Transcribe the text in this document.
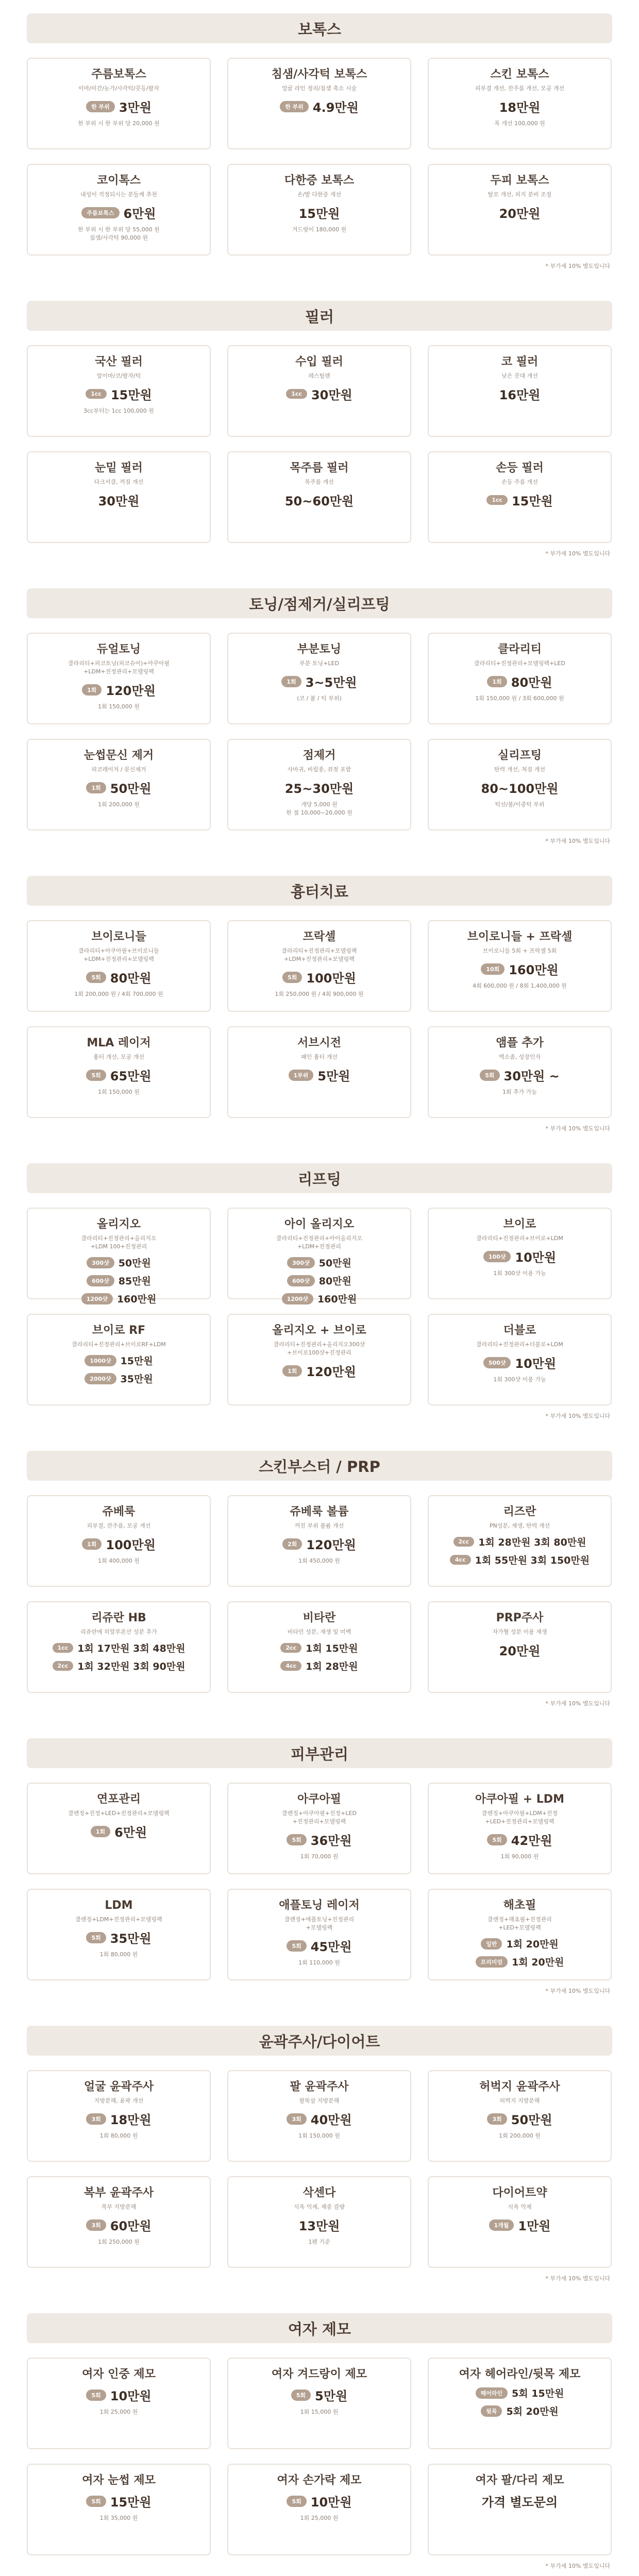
보톡스
주름보톡스
이마/미간/눈가/사각턱/콧등/팔자
한 부위 3만원
한 부위 시 한 부위 당 20,000 원
침샘/사각턱 보톡스
얼굴 라인 정리/침샘 축소 시술
한 부위 4.9만원
스킨 보톡스
피부결 개선, 잔주름 개선, 모공 개선
18만원
목 개선 100,000 원
코이톡스
내성이 걱정되시는 분들께 추천
주름보톡스 6만원
한 부위 시 한 부위 당 55,000 원
침샘/사각턱 90,000 원
다한증 보톡스
손/발 다한증 개선
15만원
겨드랑이 180,000 원
두피 보톡스
탈모 개선, 피지 분비 조절
20만원
* 부가세 10% 별도입니다
필러
국산 필러
앞이마/코/팔자/턱
1cc 15만원
3cc부터는 1cc 100,000 원
수입 필러
레스틸렌
1cc 30만원
코 필러
낮은 콧대 개선
16만원
눈밑 필러
다크서클, 꺼짐 개선
30만원
목주름 필러
목주름 개선
50~60만원
손등 필러
손등 주름 개선
1cc 15만원
* 부가세 10% 별도입니다
토닝/점제거/실리프팅
듀얼토닝
클라리티+피코토닝(피코슈어)+아쿠아필
+LDM+진정관리+모델링팩
1회 120만원
1회 150,000 원
부분토닝
부분 토닝+LED
1회 3~5만원
(코 / 볼 / 턱 부위)
클라리티
클라리티+진정관리+모델링팩+LED
1회 80만원
1회 150,000 원 / 3회 600,000 원
눈썹문신 제거
피코레이저 / 문신제거
1회 50만원
1회 200,000 원
점제거
사마귀, 비립종, 쥐젖 포함
25~30만원
개당 5,000 원
한 점 10,000~20,000 원
실리프팅
탄력 개선, 처짐 개선
80~100만원
턱선/볼/이중턱 부위
* 부가세 10% 별도입니다
흉터치료
브이로니들
클라리티+아쿠아필+브이로니들
+LDM+진정관리+모델링팩
5회 80만원
1회 200,000 원 / 4회 700,000 원
프락셀
클라리티+진정관리+모델링팩
+LDM+진정관리+모델링팩
5회 100만원
1회 250,000 원 / 4회 900,000 원
브이로니들 + 프락셀
브이로니들 5회 + 프락셀 5회
10회 160만원
4회 600,000 원 / 8회 1,400,000 원
MLA 레이저
흉터 개선, 모공 개선
5회 65만원
1회 150,000 원
서브시전
패인 흉터 개선
1부위 5만원
앰플 추가
엑소좀, 성장인자
5회 30만원 ~
1회 추가 가능
* 부가세 10% 별도입니다
리프팅
올리지오
클라리티+진정관리+올리지오
+LDM 100+진정관리
300샷 50만원
600샷 85만원
1200샷 160만원
아이 올리지오
클라리티+진정관리+아이올리지오
+LDM+진정관리
300샷 50만원
600샷 80만원
1200샷 160만원
브이로
클라리티+진정관리+브이로+LDM
100샷 10만원
1회 300샷 이용 가능
브이로 RF
클라리티+진정관리+브이로RF+LDM
1000샷 15만원
2000샷 35만원
올리지오 + 브이로
클라리티+진정관리+올리지오300샷
+브이로100샷+진정관리
1회 120만원
더블로
클라리티+진정관리+더블로+LDM
500샷 10만원
1회 300샷 이용 가능
* 부가세 10% 별도입니다
스킨부스터 / PRP
쥬베룩
피부결, 잔주름, 모공 개선
1회 100만원
1회 400,000 원
쥬베룩 볼륨
꺼진 부위 볼륨 개선
2회 120만원
1회 450,000 원
리즈란
PN성분, 재생, 탄력 개선
2cc 1회 28만원 3회 80만원
4cc 1회 55만원 3회 150만원
리쥬란 HB
리쥬란에 히알루론산 성분 추가
1cc 1회 17만원 3회 48만원
2cc 1회 32만원 3회 90만원
비타란
비타민 성분, 재생 및 미백
2cc 1회 15만원
4cc 1회 28만원
PRP주사
자가혈 성분 이용 재생
20만원
* 부가세 10% 별도입니다
피부관리
연포관리
클렌징+진정+LED+진정관리+모델링팩
1회 6만원
아쿠아필
클렌징+아쿠아필+진정+LED
+진정관리+모델링팩
5회 36만원
1회 70,000 원
아쿠아필 + LDM
클렌징+아쿠아필+LDM+진정
+LED+진정관리+모델링팩
5회 42만원
1회 90,000 원
LDM
클렌징+LDM+진정관리+모델링팩
5회 35만원
1회 80,000 원
애플토닝 레이저
클렌징+애플토닝+진정관리
+모델링팩
5회 45만원
1회 110,000 원
해초필
클렌징+해초필+진정관리
+LED+모델링팩
일반 1회 20만원
프리미엄 1회 20만원
* 부가세 10% 별도입니다
윤곽주사/다이어트
얼굴 윤곽주사
지방분해, 윤곽 개선
3회 18만원
1회 80,000 원
팔 윤곽주사
팔뚝살 지방분해
3회 40만원
1회 150,000 원
허벅지 윤곽주사
허벅지 지방분해
3회 50만원
1회 200,000 원
복부 윤곽주사
복부 지방분해
3회 60만원
1회 250,000 원
삭센다
식욕 억제, 체중 감량
13만원
1펜 기준
다이어트약
식욕 억제
1개월 1만원
* 부가세 10% 별도입니다
여자 제모
여자 인중 제모
5회 10만원
1회 25,000 원
여자 겨드랑이 제모
5회 5만원
1회 15,000 원
여자 헤어라인/뒷목 제모
헤어라인 5회 15만원
뒷목 5회 20만원
여자 눈썹 제모
5회 15만원
1회 35,000 원
여자 손가락 제모
5회 10만원
1회 25,000 원
여자 팔/다리 제모
가격 별도문의
* 부가세 10% 별도입니다
